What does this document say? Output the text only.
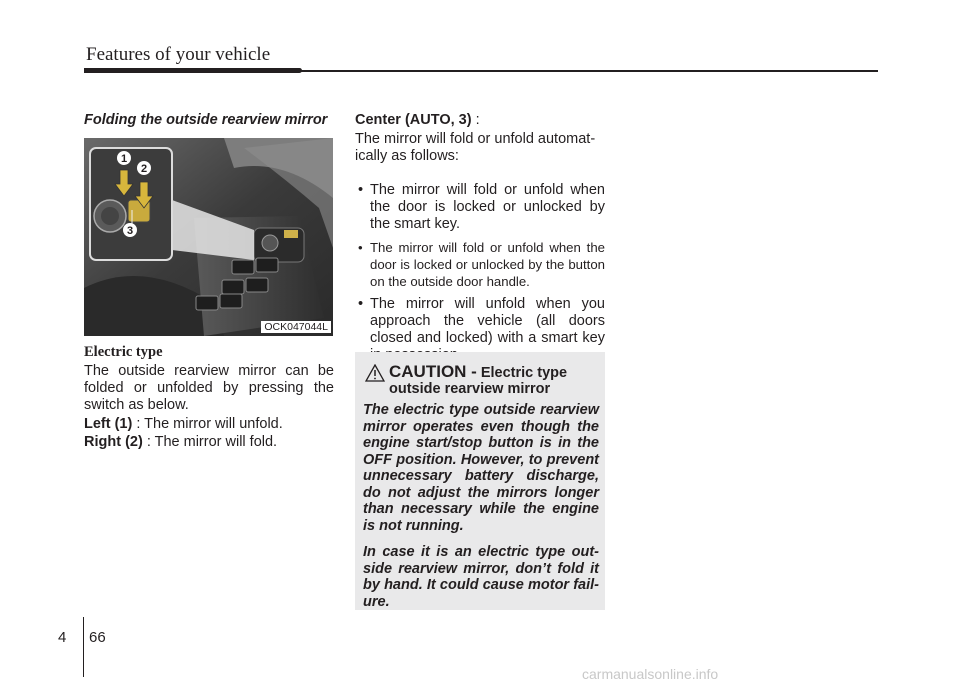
Features of your vehicle
Folding the outside rearview mirror
1
2
3
OCK047044L
Electric type
The outside rearview mirror can be folded or unfolded by pressing the switch as below.
Left (1) : The mirror will unfold.
Right (2) : The mirror will fold.
Center (AUTO, 3) :
The mirror will fold or unfold automat-ically as follows:
• The mirror will fold or unfold when the door is locked or unlocked by the smart key.
• The mirror will fold or unfold when the door is locked or unlocked by the button on the outside door handle.
• The mirror will unfold when you approach the vehicle (all doors closed and locked) with a smart key
CAUTION - Electric type
outside rearview mirror

The electric type outside rearview mirror operates even though the engine start/stop button is in the OFF position. However, to prevent unnecessary battery discharge, do not adjust the mirrors longer than necessary while the engine is not running.

In case it is an electric type out-side rearview mirror, don’t fold it by hand. It could cause motor fail-ure.

4 66
carmanualsonline.info
